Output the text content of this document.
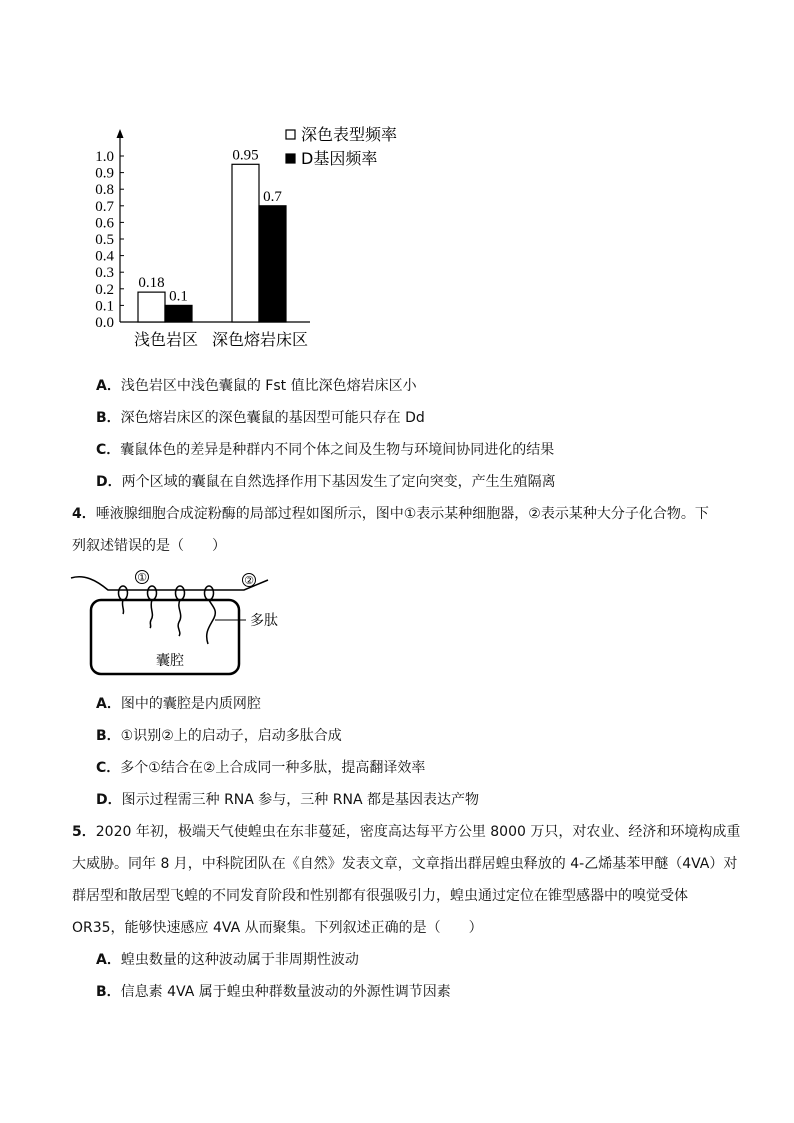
0.0
0.1
0.2
0.3
0.4
0.5
0.6
0.7
0.8
0.9
1.0
浅色岩区 深色熔岩床区
0.18
0.1
0.95
0.7
深色表型频率
D基因频率
A．浅色岩区中浅色囊鼠的 Fst 值比深色熔岩床区小
B．深色熔岩床区的深色囊鼠的基因型可能只存在 Dd
C．囊鼠体色的差异是种群内不同个体之间及生物与环境间协同进化的结果
D．两个区域的囊鼠在自然选择作用下基因发生了定向突变，产生生殖隔离
4．唾液腺细胞合成淀粉酶的局部过程如图所示，图中①表示某种细胞器，②表示某种大分子化合物。下
列叙述错误的是（　　）
①	②
多肽
囊腔
A．图中的囊腔是内质网腔
B．①识别②上的启动子，启动多肽合成
C．多个①结合在②上合成同一种多肽，提高翻译效率
D．图示过程需三种 RNA 参与，三种 RNA 都是基因表达产物
5．2020 年初，极端天气使蝗虫在东非蔓延，密度高达每平方公里 8000 万只，对农业、经济和环境构成重
大威胁。同年 8 月，中科院团队在《自然》发表文章，文章指出群居蝗虫释放的 4-乙烯基苯甲醚（4VA）对
群居型和散居型飞蝗的不同发育阶段和性别都有很强吸引力，蝗虫通过定位在锥型感器中的嗅觉受体
OR35，能够快速感应 4VA 从而聚集。下列叙述正确的是（　　）
A．蝗虫数量的这种波动属于非周期性波动
B．信息素 4VA 属于蝗虫种群数量波动的外源性调节因素
